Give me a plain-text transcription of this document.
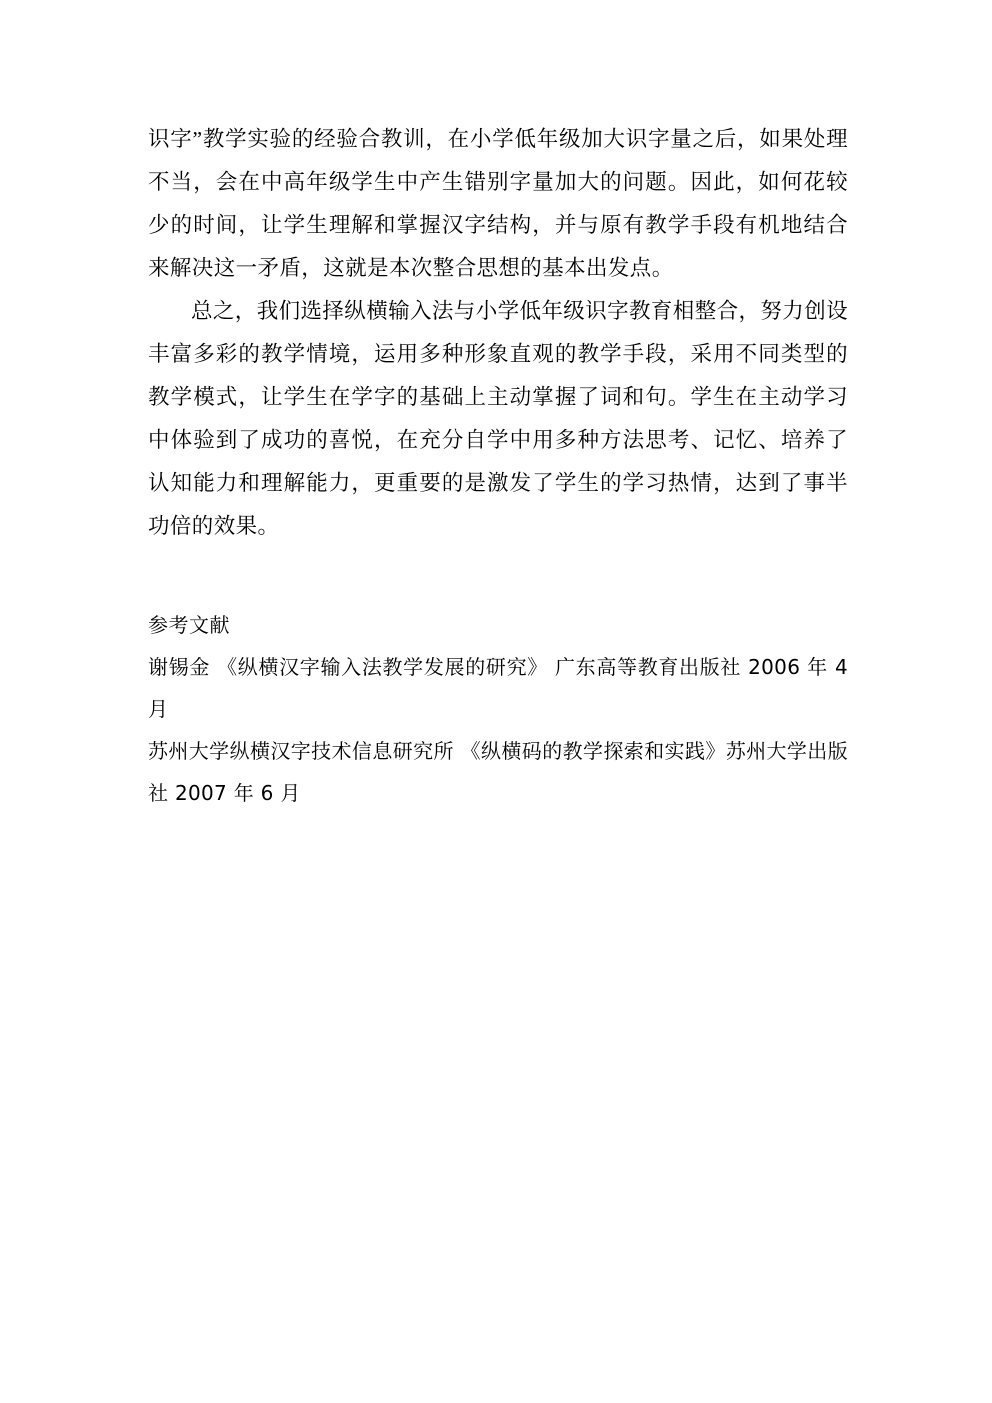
识字”教学实验的经验合教训，在小学低年级加大识字量之后，如果处理不当，会在中高年级学生中产生错别字量加大的问题。因此，如何花较少的时间，让学生理解和掌握汉字结构，并与原有教学手段有机地结合来解决这一矛盾，这就是本次整合思想的基本出发点。

总之，我们选择纵横输入法与小学低年级识字教育相整合，努力创设丰富多彩的教学情境，运用多种形象直观的教学手段，采用不同类型的教学模式，让学生在学字的基础上主动掌握了词和句。学生在主动学习中体验到了成功的喜悦，在充分自学中用多种方法思考、记忆、培养了认知能力和理解能力，更重要的是激发了学生的学习热情，达到了事半功倍的效果。

参考文献

谢锡金 《纵横汉字输入法教学发展的研究》 广东高等教育出版社 2006 年 4 月
苏州大学纵横汉字技术信息研究所 《纵横码的教学探索和实践》苏州大学出版社 2007 年 6 月
